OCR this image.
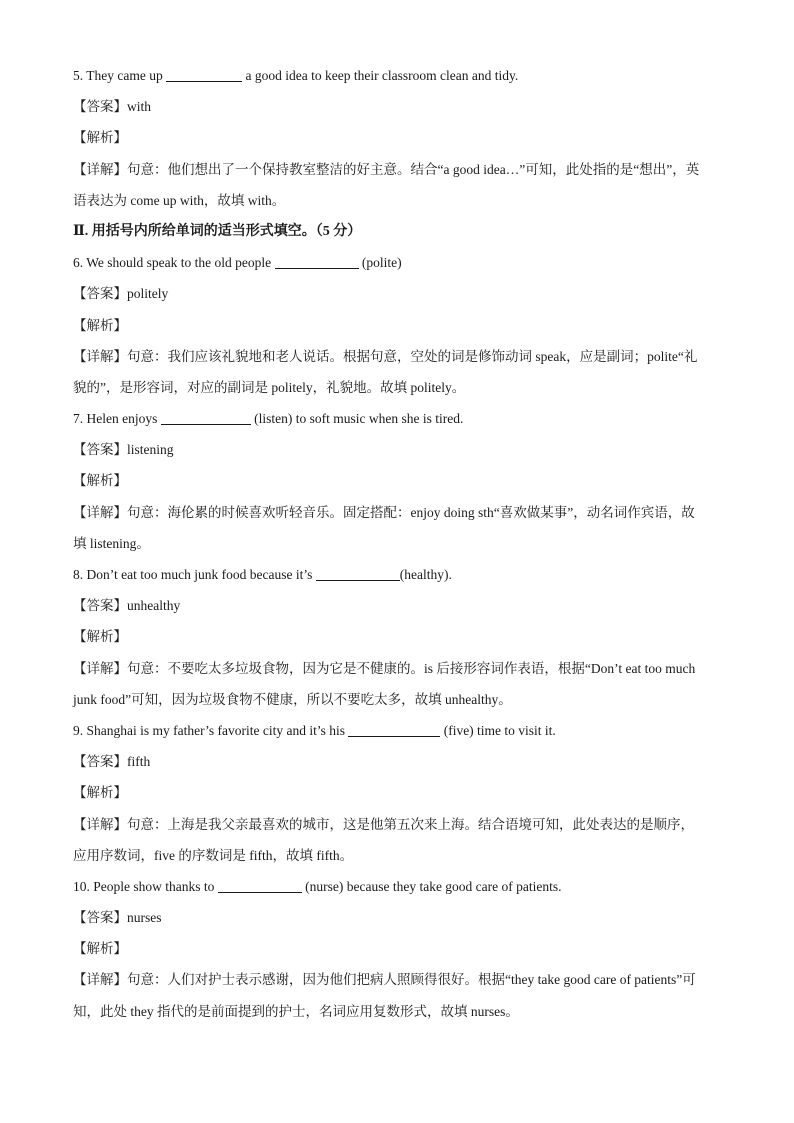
5. They came up	a good idea to keep their classroom clean and tidy.
【答案】with
【解析】
【详解】句意：他们想出了一个保持教室整洁的好主意。结合“a good idea…”可知，此处指的是“想出”，英
语表达为 come up with，故填 with。
Ⅱ. 用括号内所给单词的适当形式填空。（5 分）
6. We should speak to the old people	(polite)
【答案】politely
【解析】
【详解】句意：我们应该礼貌地和老人说话。根据句意，空处的词是修饰动词 speak，应是副词；polite“礼
貌的”，是形容词，对应的副词是 politely，礼貌地。故填 politely。
7. Helen enjoys	(listen) to soft music when she is tired.
【答案】listening
【解析】
【详解】句意：海伦累的时候喜欢听轻音乐。固定搭配：enjoy doing sth“喜欢做某事”，动名词作宾语，故
填 listening。
8. Don’t eat too much junk food because it’s	(healthy).
【答案】unhealthy
【解析】
【详解】句意：不要吃太多垃圾食物，因为它是不健康的。is 后接形容词作表语，根据“Don’t eat too much
junk food”可知，因为垃圾食物不健康，所以不要吃太多，故填 unhealthy。
9. Shanghai is my father’s favorite city and it’s his	(five) time to visit it.
【答案】fifth
【解析】
【详解】句意：上海是我父亲最喜欢的城市，这是他第五次来上海。结合语境可知，此处表达的是顺序，
应用序数词，five 的序数词是 fifth，故填 fifth。
10. People show thanks to	(nurse) because they take good care of patients.
【答案】nurses
【解析】
【详解】句意：人们对护士表示感谢，因为他们把病人照顾得很好。根据“they take good care of patients”可
知，此处 they 指代的是前面提到的护士，名词应用复数形式，故填 nurses。
